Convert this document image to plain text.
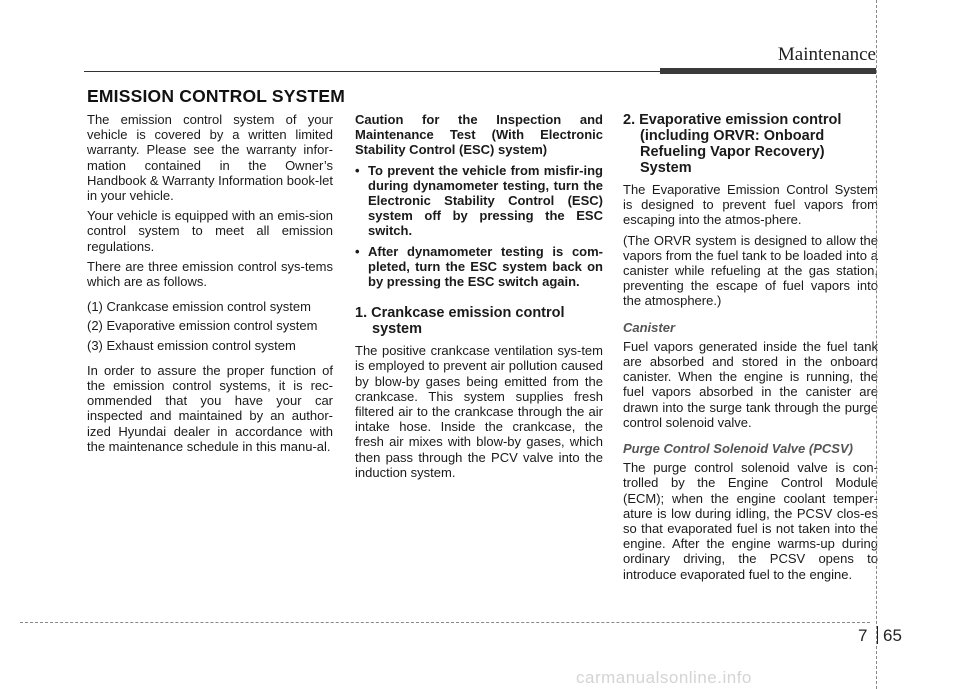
Maintenance
EMISSION CONTROL SYSTEM

The emission control system of your vehicle is covered by a written limited warranty. Please see the warranty infor-mation contained in the Owner’s Handbook & Warranty Information book-let in your vehicle.

Your vehicle is equipped with an emis-sion control system to meet all emission regulations.

There are three emission control sys-tems which are as follows.

(1) Crankcase emission control system

(2) Evaporative emission control system

(3) Exhaust emission control system

In order to assure the proper function of the emission control systems, it is rec-ommended that you have your car inspected and maintained by an author-ized Hyundai dealer in accordance with the maintenance schedule in this manu-al.

Caution for the Inspection and Maintenance Test (With Electronic Stability Control (ESC) system)

• To prevent the vehicle from misfir-ing during dynamometer testing, turn the Electronic Stability Control (ESC) system off by pressing the ESC switch.
• After dynamometer testing is com-pleted, turn the ESC system back on by pressing the ESC switch again.
1. Crankcase emission control system

The positive crankcase ventilation sys-tem is employed to prevent air pollution caused by blow-by gases being emitted from the crankcase. This system supplies fresh filtered air to the crankcase through the air intake hose. Inside the crankcase, the fresh air mixes with blow-by gases, which then pass through the PCV valve into the induction system.

2. Evaporative emission control (including ORVR: Onboard Refueling Vapor Recovery) System

The Evaporative Emission Control System is designed to prevent fuel vapors from escaping into the atmos-phere.

(The ORVR system is designed to allow the vapors from the fuel tank to be loaded into a canister while refueling at the gas station, preventing the escape of fuel vapors into the atmosphere.)

Canister

Fuel vapors generated inside the fuel tank are absorbed and stored in the onboard canister. When the engine is running, the fuel vapors absorbed in the canister are drawn into the surge tank through the purge control solenoid valve.

Purge Control Solenoid Valve (PCSV)

The purge control solenoid valve is con-trolled by the Engine Control Module (ECM); when the engine coolant temper-ature is low during idling, the PCSV clos-es so that evaporated fuel is not taken into the engine. After the engine warms-up during ordinary driving, the PCSV opens to introduce evaporated fuel to the engine.

7 65
carmanualsonline.info
